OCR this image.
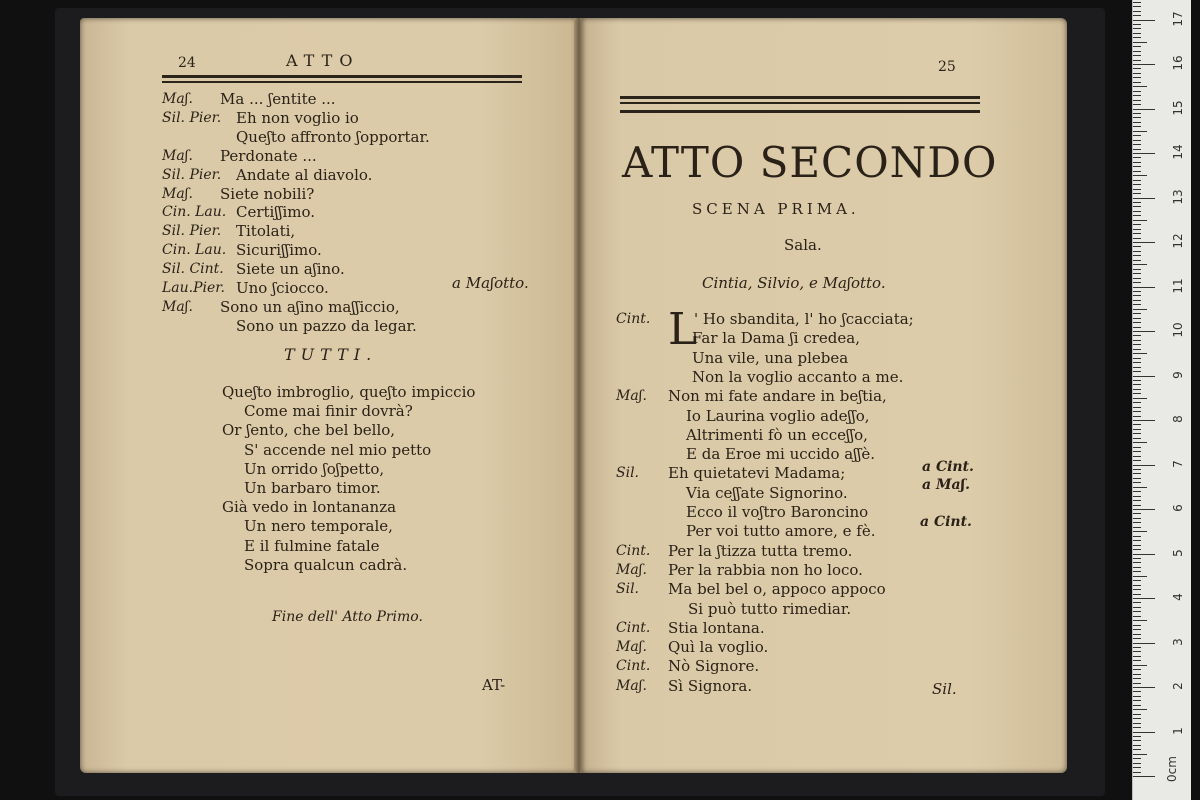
24	ATTO
a Maʃotto.
TUTTI.
Fine dell' Atto Primo.
AT-
Maʃ. Ma ... ʃentite ...
Sil. Pier. Eh non voglio io
Queʃto affronto ʃopportar.
Maʃ. Perdonate ...
Sil. Pier. Andate al diavolo.
Maʃ. Siete nobili?
Cin. Lau. Certiʃʃimo.
Sil. Pier. Titolati,
Cin. Lau. Sicuriʃʃimo.
Sil. Cint. Siete un aʃino.
Lau.Pier. Uno ʃciocco.
Maʃ. Sono un aʃino maʃʃiccio,
Sono un pazzo da legar.
Queʃto imbroglio, queʃto impiccio
Come mai finir dovrà?
Or ʃento, che bel bello,
S' accende nel mio petto
Un orrido ʃoʃpetto,
Un barbaro timor.
Già vedo in lontananza
Un nero temporale,
E il fulmine fatale
Sopra qualcun cadrà.
25
ATTO SECONDO
SCENA PRIMA.
Sala.
Cintia, Silvio, e Maʃotto.
L
a Cint.
a Maʃ.
a Cint.
Sil.
Cint.	' Ho sbandita, l' ho ʃcacciata;
Far la Dama ʃi credea,
Una vile, una plebea
Non la voglio accanto a me.
Maʃ. Non mi fate andare in beʃtia,
Io Laurina voglio adeʃʃo,
Altrimenti fò un ecceʃʃo,
E da Eroe mi uccido aʃʃè.
Sil. Eh quietatevi Madama;
Via ceʃʃate Signorino.
Ecco il voʃtro Baroncino
Per voi tutto amore, e fè.
Cint. Per la ʃtizza tutta tremo.
Maʃ. Per la rabbia non ho loco.
Sil. Ma bel bel o, appoco appoco
Si può tutto rimediar.
Cint. Stia lontana.
Maʃ. Quì la voglio.
Cint. Nò Signore.
Maʃ. Sì Signora.
0cm
1
2
3
4
5
6
7
8
9
10
11
12
13
14
15
16
17
